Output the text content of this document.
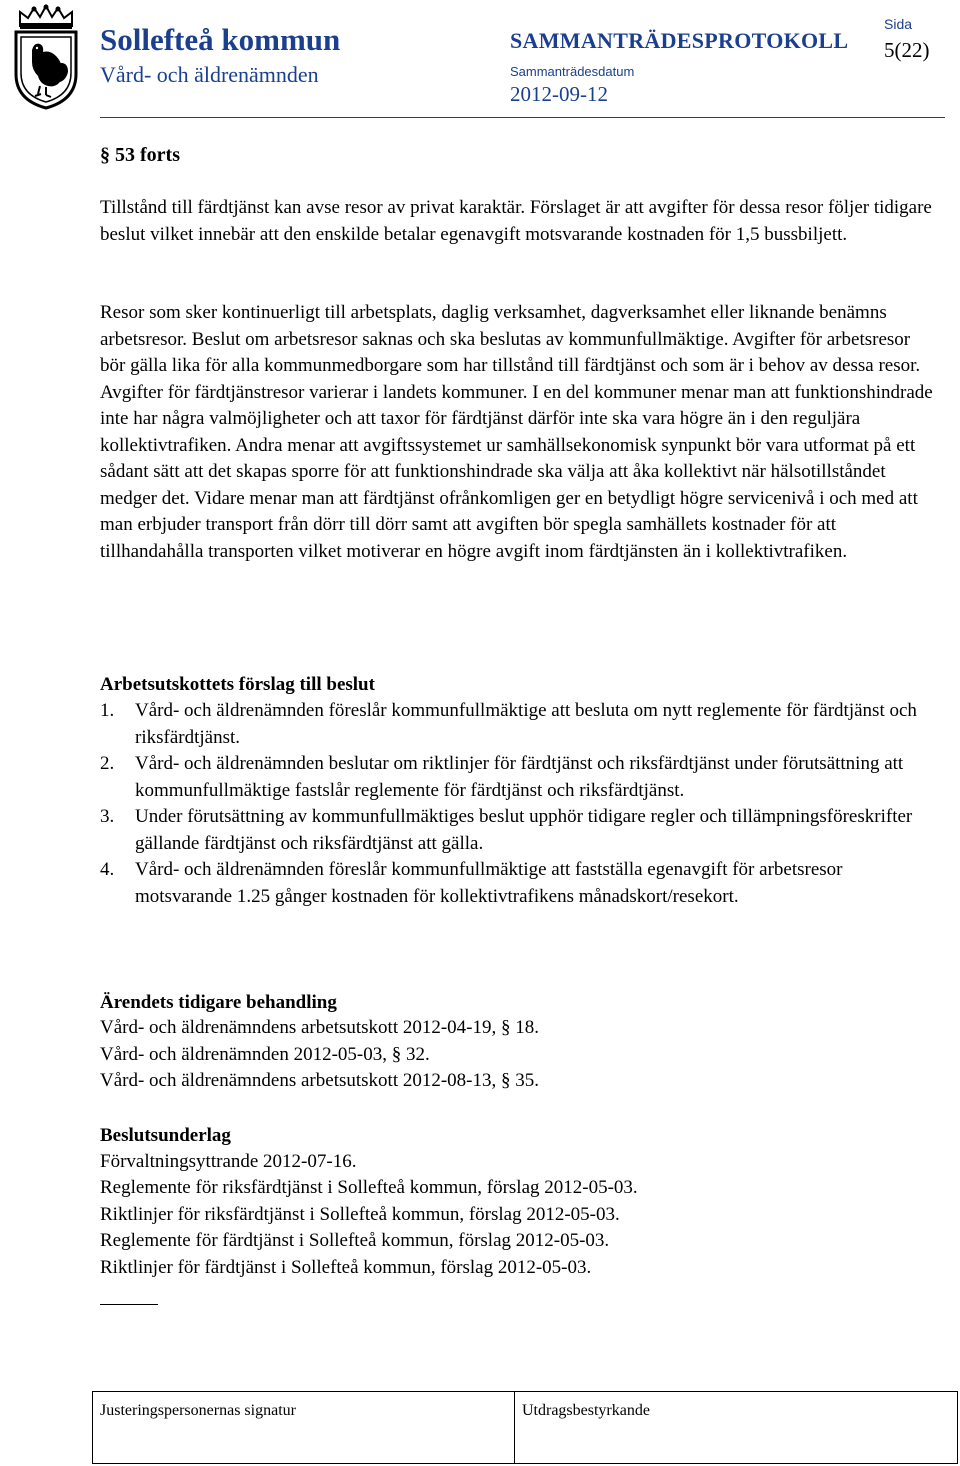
Sollefteå kommun
Vård- och äldrenämnden
SAMMANTRÄDESPROTOKOLL
Sammanträdesdatum
2012-09-12
Sida
5(22)
§ 53 forts

Tillstånd till färdtjänst kan avse resor av privat karaktär. Förslaget är att avgifter för dessa resor följer tidigare beslut vilket innebär att den enskilde betalar egenavgift motsvarande kostnaden för 1,5 bussbiljett.

Resor som sker kontinuerligt till arbetsplats, daglig verksamhet, dagverksamhet eller liknande benämns arbetsresor. Beslut om arbetsresor saknas och ska beslutas av kommunfullmäktige. Avgifter för arbetsresor bör gälla lika för alla kommunmedborgare som har tillstånd till färdtjänst och som är i behov av dessa resor. Avgifter för färdtjänstresor varierar i landets kommuner. I en del kommuner menar man att funktionshindrade inte har några valmöjligheter och att taxor för färdtjänst därför inte ska vara högre än i den reguljära kollektivtrafiken. Andra menar att avgiftssystemet ur samhällsekonomisk synpunkt bör vara utformat på ett sådant sätt att det skapas sporre för att funktionshindrade ska välja att åka kollektivt när hälsotillståndet medger det. Vidare menar man att färdtjänst ofrånkomligen ger en betydligt högre servicenivå i och med att man erbjuder transport från dörr till dörr samt att avgiften bör spegla samhällets kostnader för att tillhandahålla transporten vilket motiverar en högre avgift inom färdtjänsten än i kollektivtrafiken.

Arbetsutskottets förslag till beslut
1.	Vård- och äldrenämnden föreslår kommunfullmäktige att besluta om nytt reglemente för färdtjänst och riksfärdtjänst.
2.	Vård- och äldrenämnden beslutar om riktlinjer för färdtjänst och riksfärdtjänst under förutsättning att kommunfullmäktige fastslår reglemente för färdtjänst och riksfärdtjänst.
3.	Under förutsättning av kommunfullmäktiges beslut upphör tidigare regler och tillämpningsföreskrifter gällande färdtjänst och riksfärdtjänst att gälla.
4.	Vård- och äldrenämnden föreslår kommunfullmäktige att fastställa egenavgift för arbetsresor motsvarande 1.25 gånger kostnaden för kollektivtrafikens månadskort/resekort.
Ärendets tidigare behandling
Vård- och äldrenämndens arbetsutskott 2012-04-19, § 18.
Vård- och äldrenämnden 2012-05-03, § 32.
Vård- och äldrenämndens arbetsutskott 2012-08-13, § 35.
Beslutsunderlag
Förvaltningsyttrande 2012-07-16.
Reglemente för riksfärdtjänst i Sollefteå kommun, förslag 2012-05-03.
Riktlinjer för riksfärdtjänst i Sollefteå kommun, förslag 2012-05-03.
Reglemente för färdtjänst i Sollefteå kommun, förslag 2012-05-03.
Riktlinjer för färdtjänst i Sollefteå kommun, förslag 2012-05-03.
Justeringspersonernas signatur	Utdragsbestyrkande
